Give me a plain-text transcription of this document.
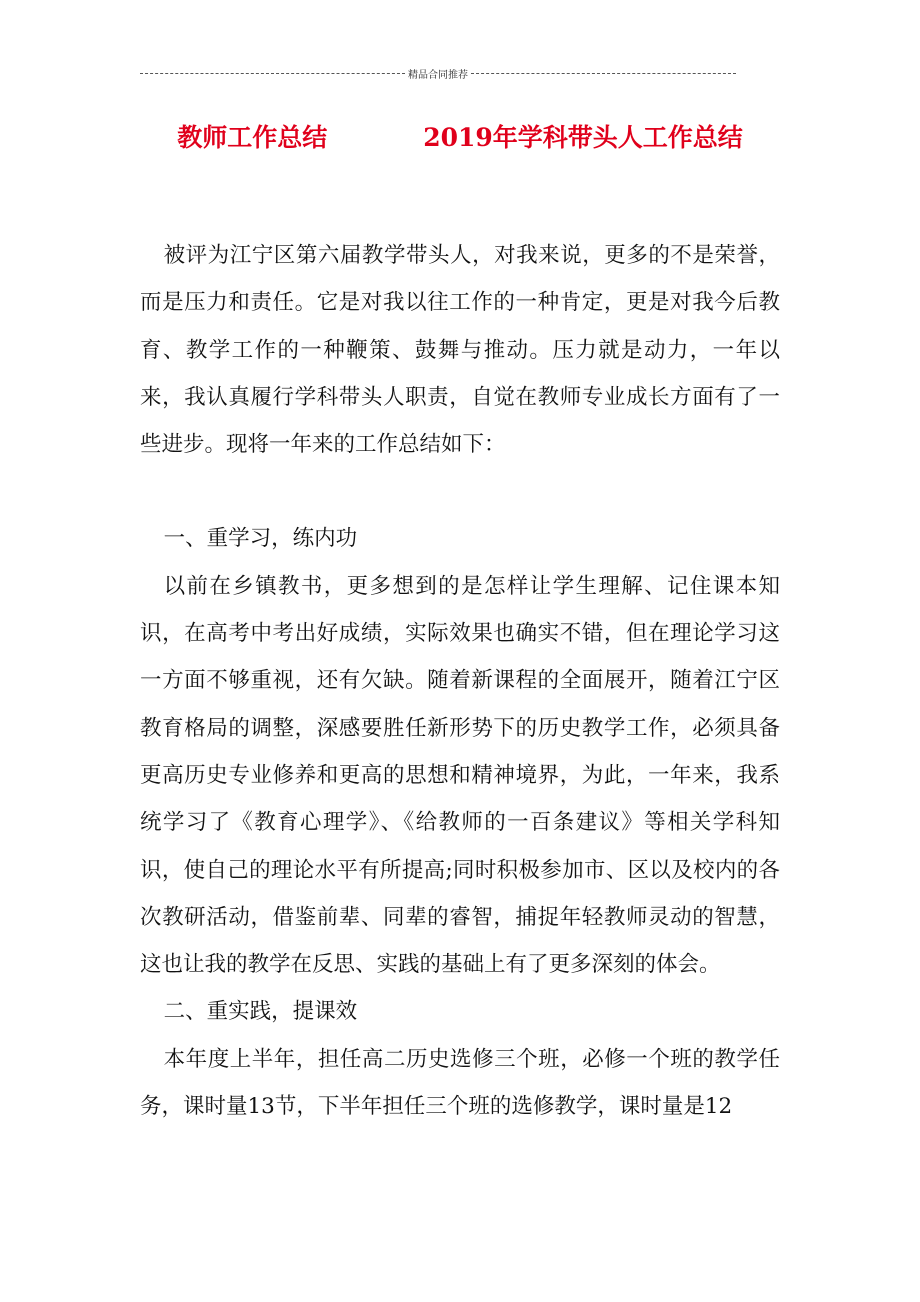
精品合同推荐
教师工作总结	2019年学科带头人工作总结

被评为江宁区第六届教学带头人，对我来说，更多的不是荣誉，而是压力和责任。它是对我以往工作的一种肯定，更是对我今后教育、教学工作的一种鞭策、鼓舞与推动。压力就是动力，一年以来，我认真履行学科带头人职责，自觉在教师专业成长方面有了一些进步。现将一年来的工作总结如下：

一、重学习，练内功

以前在乡镇教书，更多想到的是怎样让学生理解、记住课本知识，在高考中考出好成绩，实际效果也确实不错，但在理论学习这一方面不够重视，还有欠缺。随着新课程的全面展开，随着江宁区教育格局的调整，深感要胜任新形势下的历史教学工作，必须具备更高历史专业修养和更高的思想和精神境界，为此，一年来，我系统学习了《教育心理学》、《给教师的一百条建议》等相关学科知识，使自己的理论水平有所提高;同时积极参加市、区以及校内的各次教研活动，借鉴前辈、同辈的睿智，捕捉年轻教师灵动的智慧，这也让我的教学在反思、实践的基础上有了更多深刻的体会。

二、重实践，提课效

本年度上半年，担任高二历史选修三个班，必修一个班的教学任务，课时量13节，下半年担任三个班的选修教学，课时量是12
